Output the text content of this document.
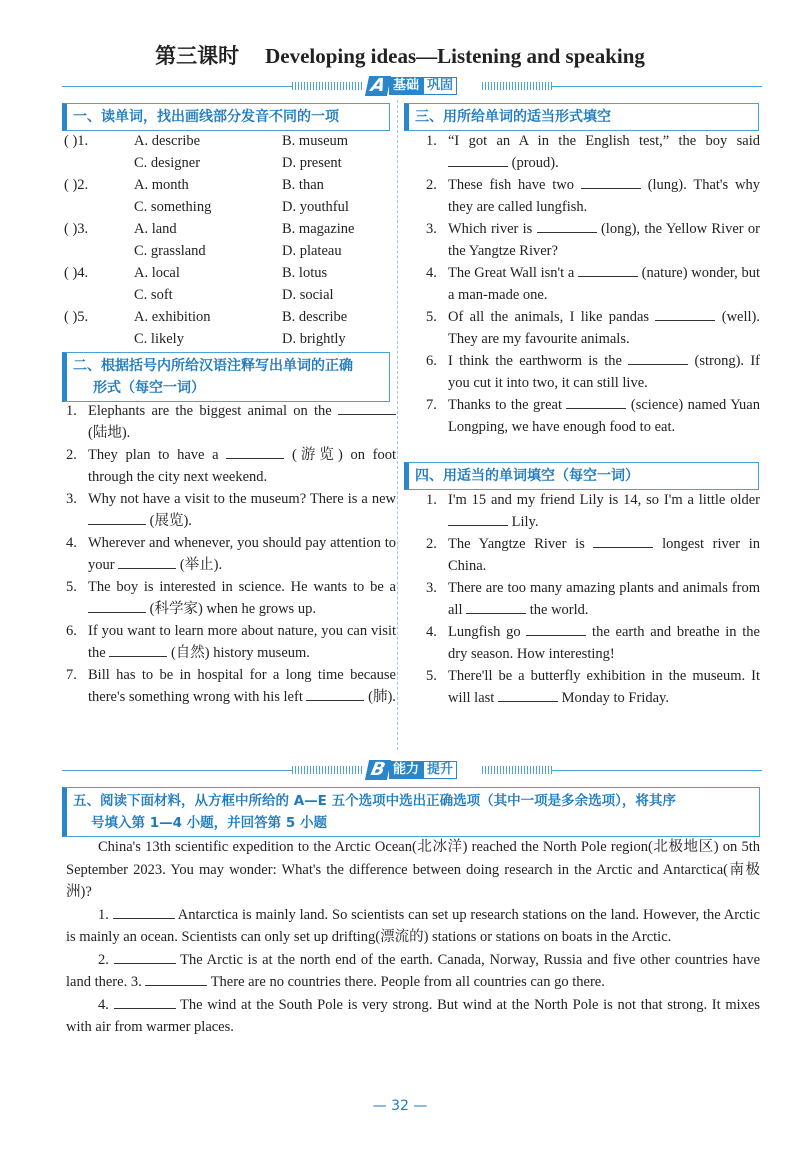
第三课时 Developing ideas—Listening and speaking
A 基础 巩固
一、读单词，找出画线部分发音不同的一项
( )1.	A. describe	B. museum
C. designer	D. present
( )2.	A. month	B. than
C. something	D. youthful
( )3.	A. land	B. magazine
C. grassland	D. plateau
( )4.	A. local	B. lotus
C. soft	D. social
( )5.	A. exhibition	B. describe
C. likely	D. brightly
二、根据括号内所给汉语注释写出单词的正确
形式（每空一词）
1. Elephants are the biggest animal on the  (陆地).
2. They plan to have a	(游览) on foot through the city next weekend.
3. Why not have a visit to the museum? There is a new  (展览).
4. Wherever and whenever, you should pay attention to your	(举止).
5. The boy is interested in science. He wants to be a  (科学家) when he grows up.
6. If you want to learn more about nature, you can visit the	(自然) history museum.
7. Bill has to be in hospital for a long time because there's something wrong with his left	(肺).
三、用所给单词的适当形式填空
1. “I got an A in the English test,” the boy said  (proud).
2. These fish have two	(lung). That's why they are called lungfish.
3. Which river is	(long), the Yellow River or the Yangtze River?
4. The Great Wall isn't a	(nature) wonder, but a man-made one.
5. Of all the animals, I like pandas	(well). They are my favourite animals.
6. I think the earthworm is the	(strong). If you cut it into two, it can still live.
7. Thanks to the great	(science) named Yuan Longping, we have enough food to eat.
四、用适当的单词填空（每空一词）
1. I'm 15 and my friend Lily is 14, so I'm a little older  Lily.
2. The Yangtze River is	longest river in China.
3. There are too many amazing plants and animals from all	the world.
4. Lungfish go	the earth and breathe in the dry season. How interesting!
5. There'll be a butterfly exhibition in the museum. It will last	Monday to Friday.
B 能力 提升
五、阅读下面材料，从方框中所给的 A—E 五个选项中选出正确选项（其中一项是多余选项），将其序
号填入第 1—4 小题，并回答第 5 小题
China's 13th scientific expedition to the Arctic Ocean(北冰洋) reached the North Pole region(北极地区) on 5th September 2023. You may wonder: What's the difference between doing research in the Arctic and Antarctica(南极洲)?
1.	Antarctica is mainly land. So scientists can set up research stations on the land. However, the Arctic is mainly an ocean. Scientists can only set up drifting(漂流的) stations or stations on boats in the Arctic.
2.	The Arctic is at the north end of the earth. Canada, Norway, Russia and five other countries have land there. 3.	There are no countries there. People from all countries can go there.
4.	The wind at the South Pole is very strong. But wind at the North Pole is not that strong. It mixes with air from warmer places.
— 32 —
